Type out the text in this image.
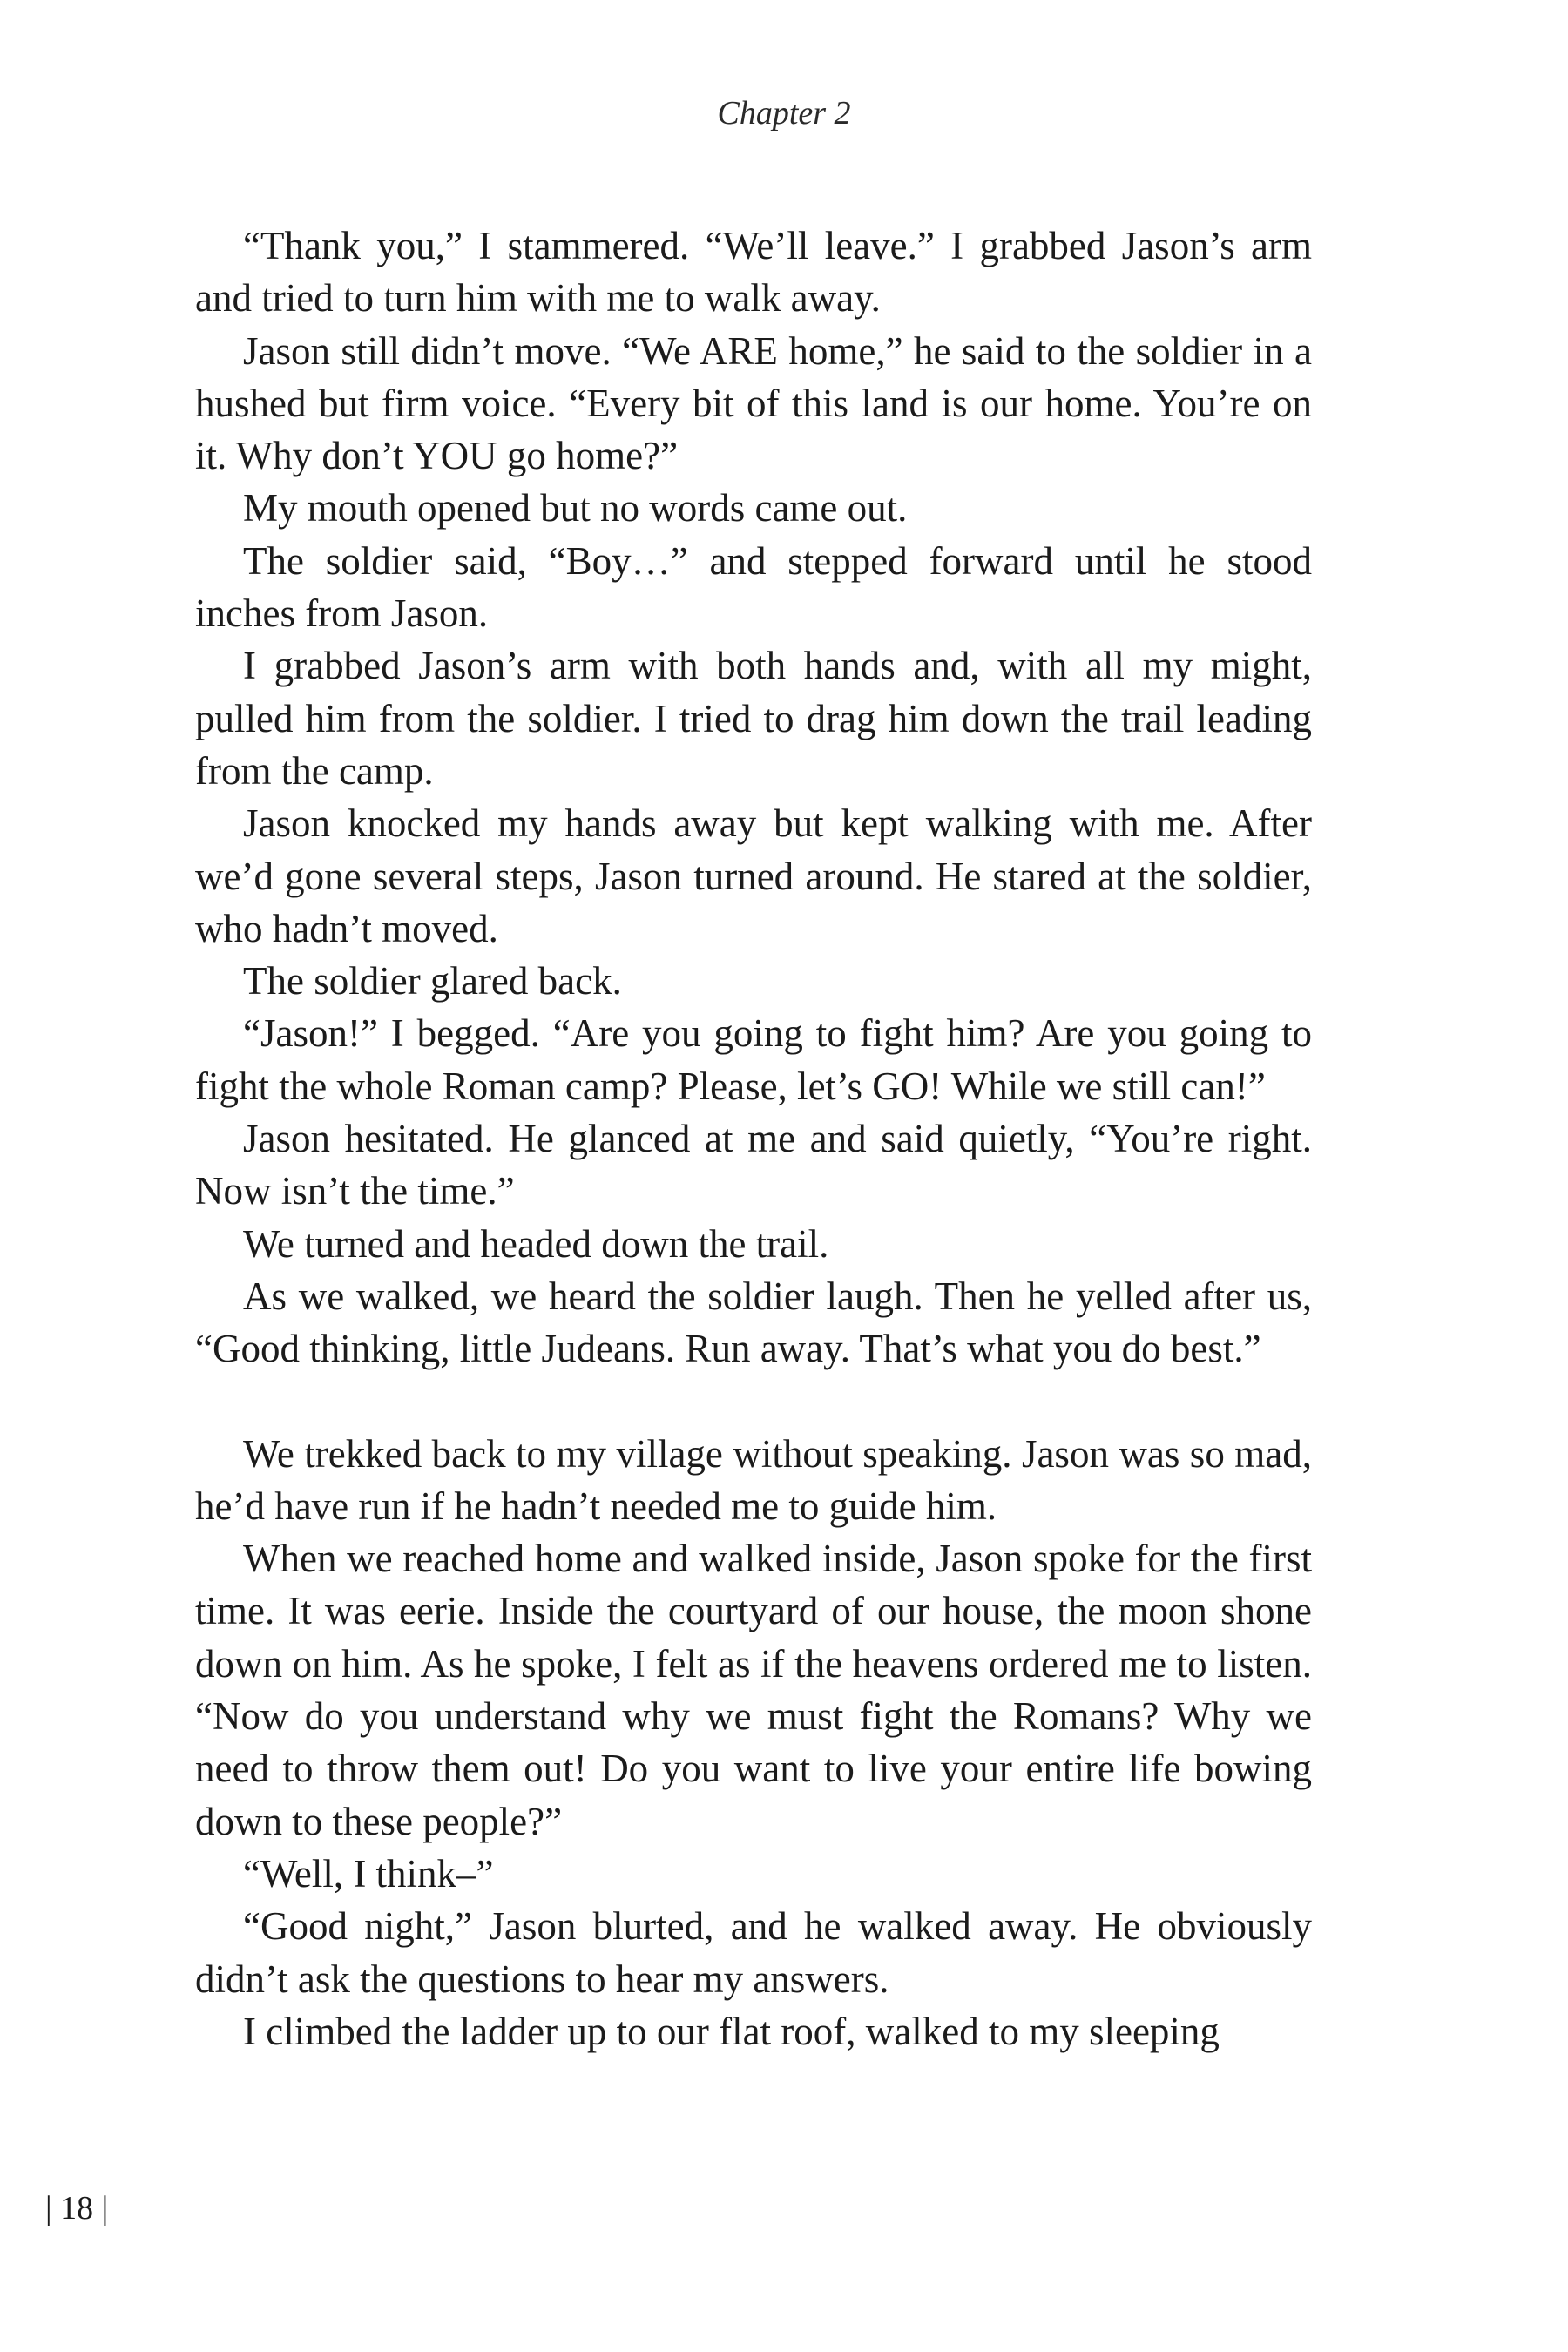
Chapter 2

“Thank you,” I stammered. “We’ll leave.” I grabbed Jason’s arm and tried to turn him with me to walk away.

Jason still didn’t move. “We ARE home,” he said to the soldier in a hushed but firm voice. “Every bit of this land is our home. You’re on it. Why don’t YOU go home?”

My mouth opened but no words came out.

The soldier said, “Boy…” and stepped forward until he stood inches from Jason.

I grabbed Jason’s arm with both hands and, with all my might, pulled him from the soldier. I tried to drag him down the trail leading from the camp.

Jason knocked my hands away but kept walking with me. After we’d gone several steps, Jason turned around. He stared at the soldier, who hadn’t moved.

The soldier glared back.

“Jason!” I begged. “Are you going to fight him? Are you going to fight the whole Roman camp? Please, let’s GO! While we still can!”

Jason hesitated. He glanced at me and said quietly, “You’re right. Now isn’t the time.”

We turned and headed down the trail.

As we walked, we heard the soldier laugh. Then he yelled after us, “Good thinking, little Judeans. Run away. That’s what you do best.”

We trekked back to my village without speaking. Jason was so mad, he’d have run if he hadn’t needed me to guide him.

When we reached home and walked inside, Jason spoke for the first time. It was eerie. Inside the courtyard of our house, the moon shone down on him. As he spoke, I felt as if the heavens ordered me to listen. “Now do you understand why we must fight the Romans? Why we need to throw them out! Do you want to live your entire life bowing down to these people?”

“Well, I think–”

“Good night,” Jason blurted, and he walked away. He obviously didn’t ask the questions to hear my answers.

I climbed the ladder up to our flat roof, walked to my sleeping

| 18 |
